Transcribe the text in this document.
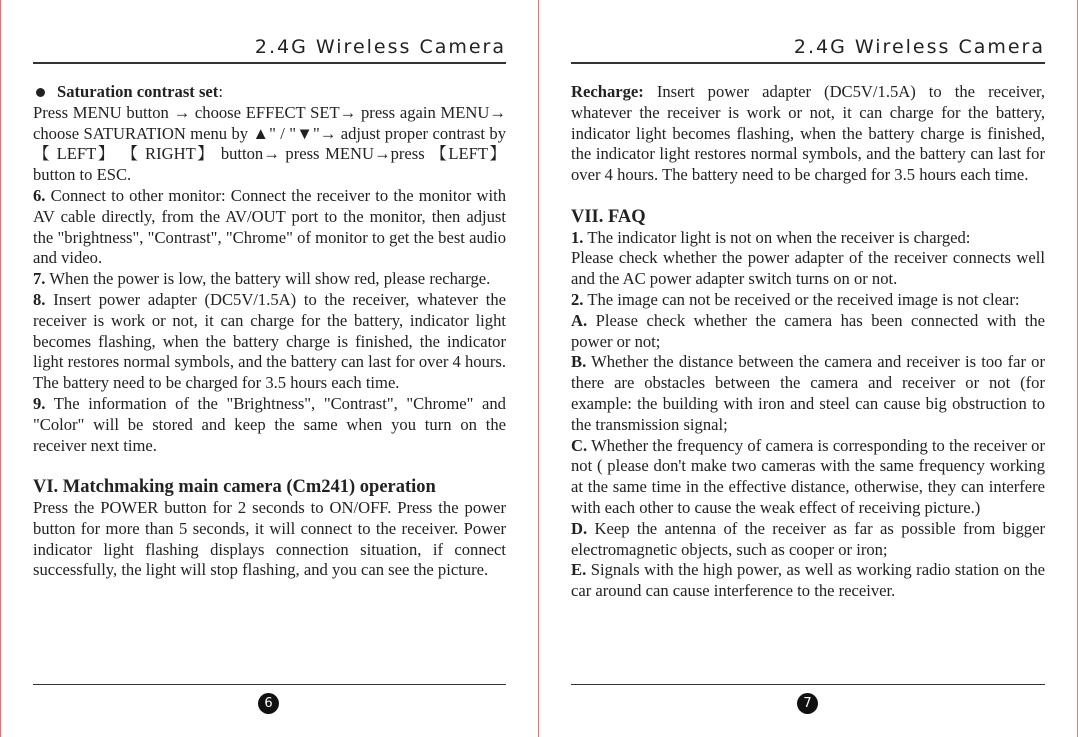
2.4G Wireless Camera

Saturation contrast set:
Press MENU button → choose EFFECT SET→ press again MENU→ choose SATURATION menu by ▲" / "▼"→ adjust proper contrast by【 LEFT】 【 RIGHT】 button→ press MENU→press 【LEFT】button to ESC.

6. Connect to other monitor: Connect the receiver to the monitor with AV cable directly, from the AV/OUT port to the monitor, then adjust the "brightness", "Contrast", "Chrome" of monitor to get the best audio and video.

7. When the power is low, the battery will show red, please recharge.

8. Insert power adapter (DC5V/1.5A) to the receiver, whatever the receiver is work or not, it can charge for the battery, indicator light becomes flashing, when the battery charge is finished, the indicator light restores normal symbols, and the battery can last for over 4 hours. The battery need to be charged for 3.5 hours each time.

9. The information of the "Brightness", "Contrast", "Chrome" and "Color" will be stored and keep the same when you turn on the receiver next time.

VI. Matchmaking main camera (Cm241) operation

Press the POWER button for 2 seconds to ON/OFF. Press the power button for more than 5 seconds, it will connect to the receiver. Power indicator light flashing displays connection situation, if connect successfully, the light will stop flashing, and you can see the picture.

6
2.4G Wireless Camera

Recharge: Insert power adapter (DC5V/1.5A) to the receiver, whatever the receiver is work or not, it can charge for the battery, indicator light becomes flashing, when the battery charge is finished, the indicator light restores normal symbols, and the battery can last for over 4 hours. The battery need to be charged for 3.5 hours each time.

VII. FAQ

1. The indicator light is not on when the receiver is charged:

Please check whether the power adapter of the receiver connects well and the AC power adapter switch turns on or not.

2. The image can not be received or the received image is not clear:

A. Please check whether the camera has been connected with the power or not;

B. Whether the distance between the camera and receiver is too far or there are obstacles between the camera and receiver or not (for example: the building with iron and steel can cause big obstruction to the transmission signal;

C. Whether the frequency of camera is corresponding to the receiver or not ( please don't make two cameras with the same frequency working at the same time in the effective distance, otherwise, they can interfere with each other to cause the weak effect of receiving picture.)

D. Keep the antenna of the receiver as far as possible from bigger electromagnetic objects, such as cooper or iron;

E. Signals with the high power, as well as working radio station on the car around can cause interference to the receiver.

7
